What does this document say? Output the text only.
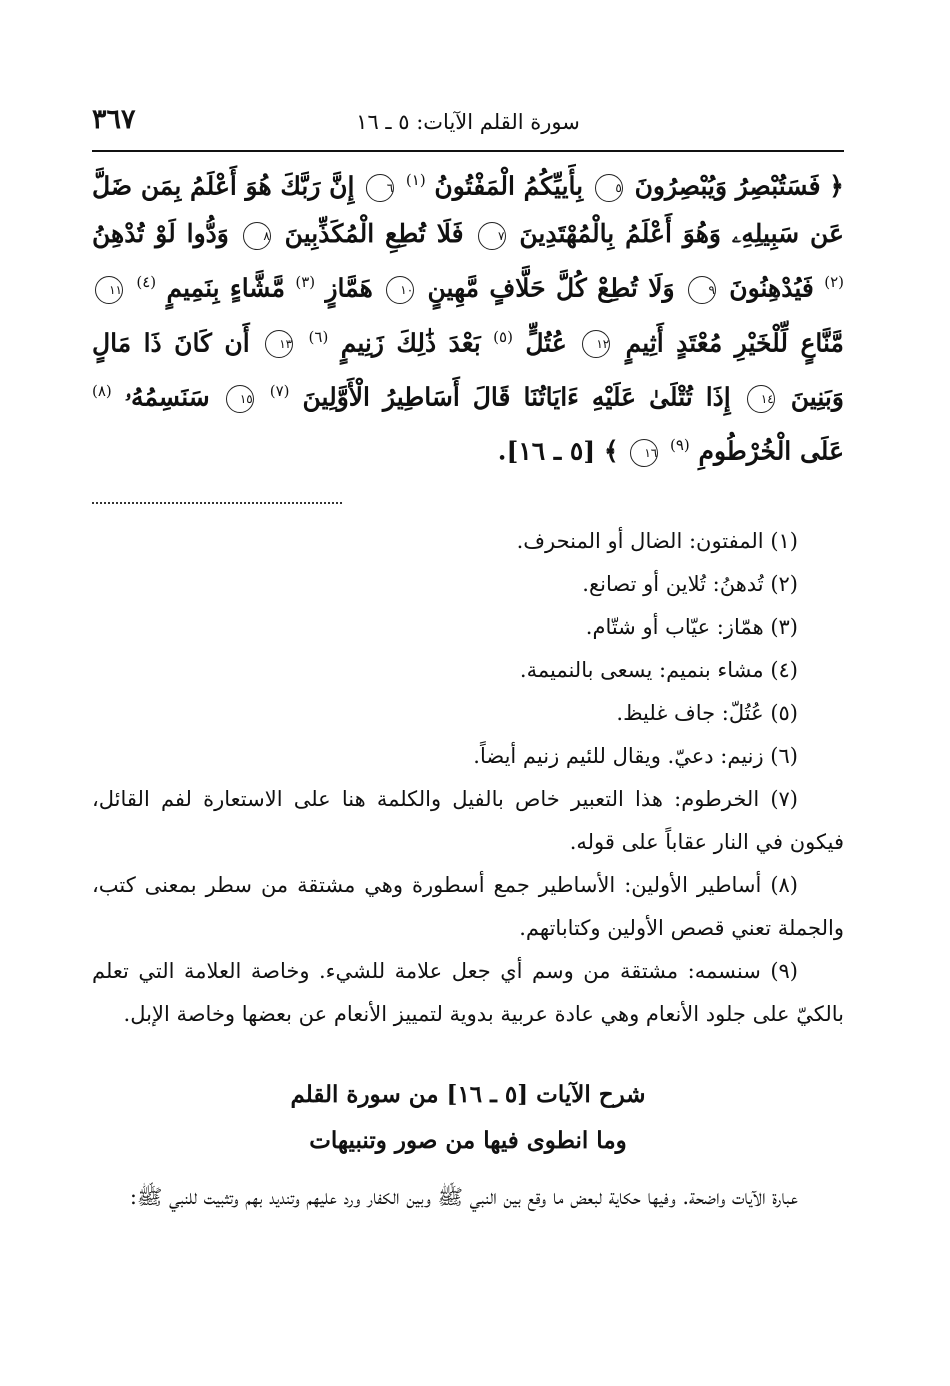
٣٦٧	سورة القلم الآيات: ٥ ـ ١٦
﴿ فَسَتُبْصِرُ وَيُبْصِرُونَ ٥ بِأَييِّكُمُ الْمَفْتُونُ $^{(١)}$ ٦ إِنَّ رَبَّكَ هُوَ أَعْلَمُ بِمَن ضَلَّ عَن سَبِيلِهِۦ وَهُوَ أَعْلَمُ بِالْمُهْتَدِينَ ٧ فَلَا تُطِعِ الْمُكَذِّبِينَ ٨ وَدُّوا لَوْ تُدْهِنُ $^{(٢)}$ فَيُدْهِنُونَ ٩ وَلَا تُطِعْ كُلَّ حَلَّافٍ مَّهِينٍ ١٠ هَمَّازٍ $^{(٣)}$ مَّشَّاءٍ بِنَمِيمٍ $^{(٤)}$ ١١ مَّنَّاعٍ لِّلْخَيْرِ مُعْتَدٍ أَثِيمٍ ١٢ عُتُلٍّ $^{(٥)}$ بَعْدَ ذَٰلِكَ زَنِيمٍ $^{(٦)}$ ١٣ أَن كَانَ ذَا مَالٍ وَبَنِينَ ١٤ إِذَا تُتْلَىٰ عَلَيْهِ ءَايَاتُنَا قَالَ أَسَاطِيرُ الْأَوَّلِينَ $^{(٧)}$ ١٥ سَنَسِمُهُۥ $^{(٨)}$ عَلَى الْخُرْطُومِ $^{(٩)}$ ١٦ ﴾ [٥ ـ ١٦].

(١) المفتون: الضال أو المنحرف.

(٢) تُدهنُ: تُلاين أو تصانع.

(٣) همّاز: عيّاب أو شتّام.

(٤) مشاء بنميم: يسعى بالنميمة.

(٥) عُتُلّ: جاف غليظ.

(٦) زنيم: دعيّ. ويقال للئيم زنيم أيضاً.

(٧) الخرطوم: هذا التعبير خاص بالفيل والكلمة هنا على الاستعارة لفم القائل، فيكون في النار عقاباً على قوله.

(٨) أساطير الأولين: الأساطير جمع أسطورة وهي مشتقة من سطر بمعنى كتب، والجملة تعني قصص الأولين وكتاباتهم.

(٩) سنسمه: مشتقة من وسم أي جعل علامة للشيء. وخاصة العلامة التي تعلم بالكيّ على جلود الأنعام وهي عادة عربية بدوية لتمييز الأنعام عن بعضها وخاصة الإبل.

شرح الآيات [٥ ـ ١٦] من سورة القلم
وما انطوى فيها من صور وتنبيهات

عبارة الآيات واضحة. وفيها حكاية لبعض ما وقع بين النبي ﷺ وبين الكفار ورد عليهم وتنديد بهم وتثبيت للنبي ﷺ:
